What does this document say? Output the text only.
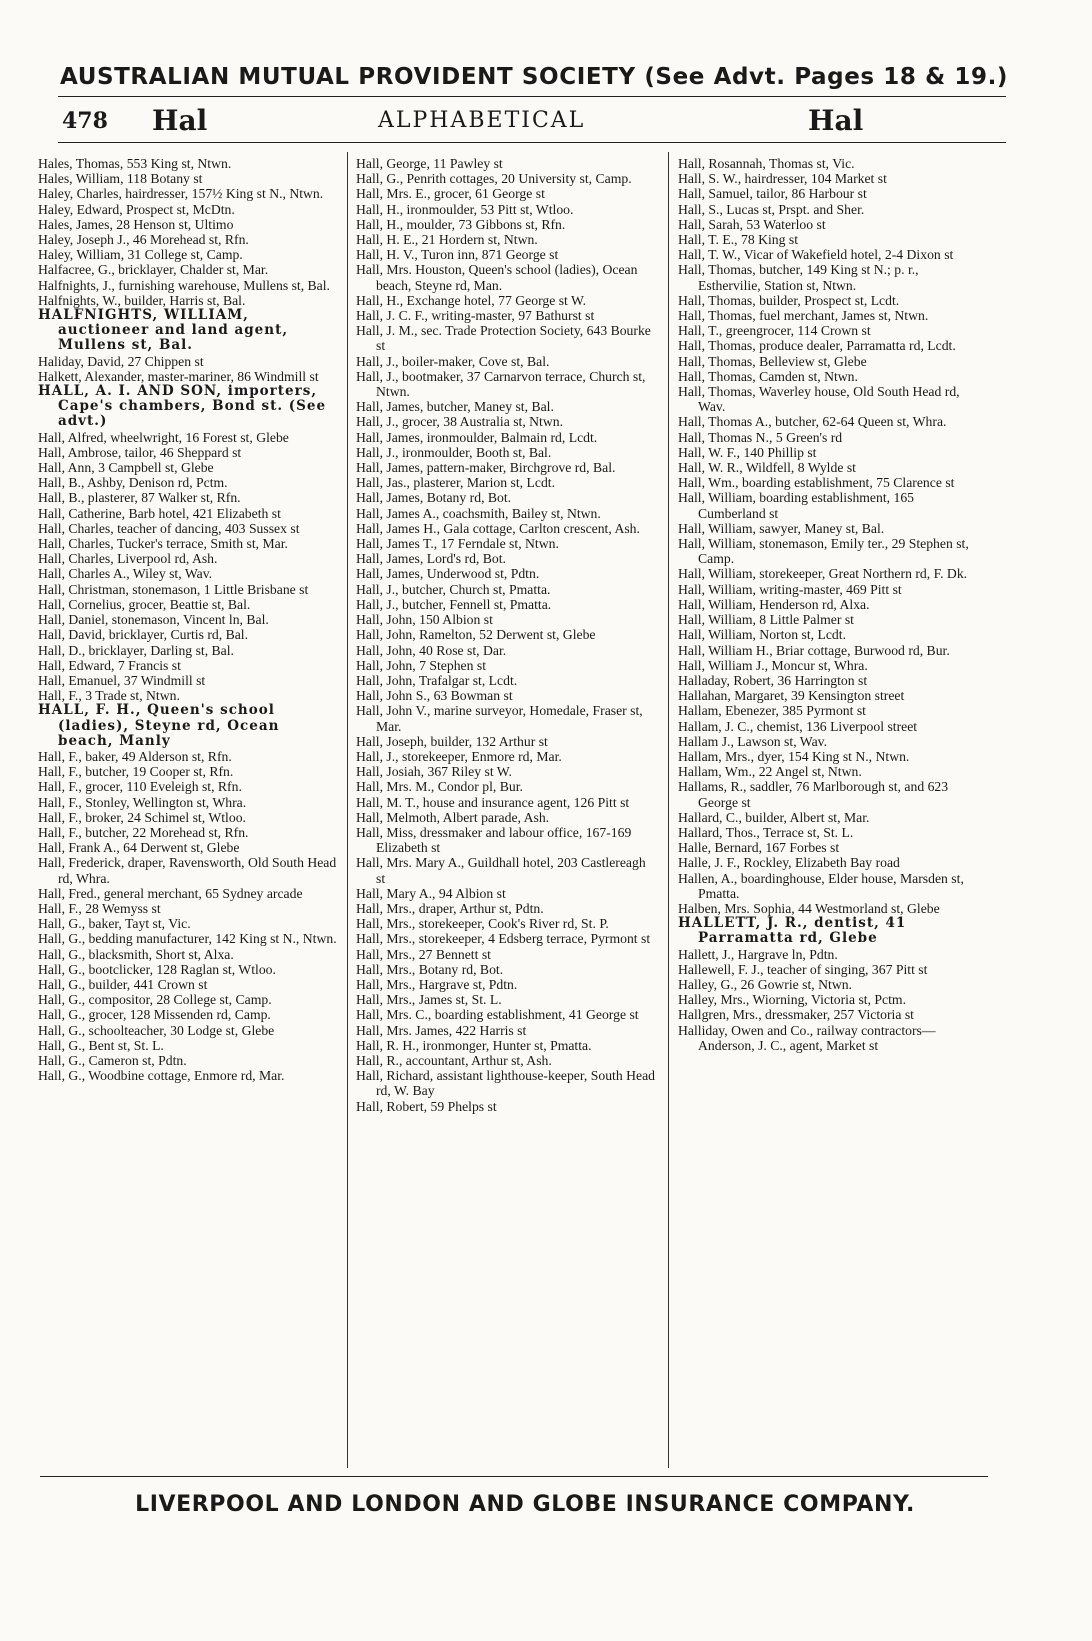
AUSTRALIAN MUTUAL PROVIDENT SOCIETY (See Advt. Pages 18 & 19.)
478 Hal	ALPHABETICAL	Hal

Hales, Thomas, 553 King st, Ntwn.

Hales, William, 118 Botany st

Haley, Charles, hairdresser, 157½ King st N., Ntwn.

Haley, Edward, Prospect st, McDtn.

Hales, James, 28 Henson st, Ultimo

Haley, Joseph J., 46 Morehead st, Rfn.

Haley, William, 31 College st, Camp.

Halfacree, G., bricklayer, Chalder st, Mar.

Halfnights, J., furnishing warehouse, Mullens st, Bal.

Halfnights, W., builder, Harris st, Bal.

HALFNIGHTS, WILLIAM, auctioneer and land agent, Mullens st, Bal.

Haliday, David, 27 Chippen st

Halkett, Alexander, master-mariner, 86 Windmill st

HALL, A. I. AND SON, importers, Cape's chambers, Bond st. (See advt.)

Hall, Alfred, wheelwright, 16 Forest st, Glebe

Hall, Ambrose, tailor, 46 Sheppard st

Hall, Ann, 3 Campbell st, Glebe

Hall, B., Ashby, Denison rd, Pctm.

Hall, B., plasterer, 87 Walker st, Rfn.

Hall, Catherine, Barb hotel, 421 Elizabeth st

Hall, Charles, teacher of dancing, 403 Sussex st

Hall, Charles, Tucker's terrace, Smith st, Mar.

Hall, Charles, Liverpool rd, Ash.

Hall, Charles A., Wiley st, Wav.

Hall, Christman, stonemason, 1 Little Brisbane st

Hall, Cornelius, grocer, Beattie st, Bal.

Hall, Daniel, stonemason, Vincent ln, Bal.

Hall, David, bricklayer, Curtis rd, Bal.

Hall, D., bricklayer, Darling st, Bal.

Hall, Edward, 7 Francis st

Hall, Emanuel, 37 Windmill st

Hall, F., 3 Trade st, Ntwn.

HALL, F. H., Queen's school (ladies), Steyne rd, Ocean beach, Manly

Hall, F., baker, 49 Alderson st, Rfn.

Hall, F., butcher, 19 Cooper st, Rfn.

Hall, F., grocer, 110 Eveleigh st, Rfn.

Hall, F., Stonley, Wellington st, Whra.

Hall, F., broker, 24 Schimel st, Wtloo.

Hall, F., butcher, 22 Morehead st, Rfn.

Hall, Frank A., 64 Derwent st, Glebe

Hall, Frederick, draper, Ravensworth, Old South Head rd, Whra.

Hall, Fred., general merchant, 65 Sydney arcade

Hall, F., 28 Wemyss st

Hall, G., baker, Tayt st, Vic.

Hall, G., bedding manufacturer, 142 King st N., Ntwn.

Hall, G., blacksmith, Short st, Alxa.

Hall, G., bootclicker, 128 Raglan st, Wtloo.

Hall, G., builder, 441 Crown st

Hall, G., compositor, 28 College st, Camp.

Hall, G., grocer, 128 Missenden rd, Camp.

Hall, G., schoolteacher, 30 Lodge st, Glebe

Hall, G., Bent st, St. L.

Hall, G., Cameron st, Pdtn.

Hall, G., Woodbine cottage, Enmore rd, Mar.

Hall, George, 11 Pawley st

Hall, G., Penrith cottages, 20 University st, Camp.

Hall, Mrs. E., grocer, 61 George st

Hall, H., ironmoulder, 53 Pitt st, Wtloo.

Hall, H., moulder, 73 Gibbons st, Rfn.

Hall, H. E., 21 Hordern st, Ntwn.

Hall, H. V., Turon inn, 871 George st

Hall, Mrs. Houston, Queen's school (ladies), Ocean beach, Steyne rd, Man.

Hall, H., Exchange hotel, 77 George st W.

Hall, J. C. F., writing-master, 97 Bathurst st

Hall, J. M., sec. Trade Protection Society, 643 Bourke st

Hall, J., boiler-maker, Cove st, Bal.

Hall, J., bootmaker, 37 Carnarvon terrace, Church st, Ntwn.

Hall, James, butcher, Maney st, Bal.

Hall, J., grocer, 38 Australia st, Ntwn.

Hall, James, ironmoulder, Balmain rd, Lcdt.

Hall, J., ironmoulder, Booth st, Bal.

Hall, James, pattern-maker, Birchgrove rd, Bal.

Hall, Jas., plasterer, Marion st, Lcdt.

Hall, James, Botany rd, Bot.

Hall, James A., coachsmith, Bailey st, Ntwn.

Hall, James H., Gala cottage, Carlton crescent, Ash.

Hall, James T., 17 Ferndale st, Ntwn.

Hall, James, Lord's rd, Bot.

Hall, James, Underwood st, Pdtn.

Hall, J., butcher, Church st, Pmatta.

Hall, J., butcher, Fennell st, Pmatta.

Hall, John, 150 Albion st

Hall, John, Ramelton, 52 Derwent st, Glebe

Hall, John, 40 Rose st, Dar.

Hall, John, 7 Stephen st

Hall, John, Trafalgar st, Lcdt.

Hall, John S., 63 Bowman st

Hall, John V., marine surveyor, Homedale, Fraser st, Mar.

Hall, Joseph, builder, 132 Arthur st

Hall, J., storekeeper, Enmore rd, Mar.

Hall, Josiah, 367 Riley st W.

Hall, Mrs. M., Condor pl, Bur.

Hall, M. T., house and insurance agent, 126 Pitt st

Hall, Melmoth, Albert parade, Ash.

Hall, Miss, dressmaker and labour office, 167-169 Elizabeth st

Hall, Mrs. Mary A., Guildhall hotel, 203 Castlereagh st

Hall, Mary A., 94 Albion st

Hall, Mrs., draper, Arthur st, Pdtn.

Hall, Mrs., storekeeper, Cook's River rd, St. P.

Hall, Mrs., storekeeper, 4 Edsberg terrace, Pyrmont st

Hall, Mrs., 27 Bennett st

Hall, Mrs., Botany rd, Bot.

Hall, Mrs., Hargrave st, Pdtn.

Hall, Mrs., James st, St. L.

Hall, Mrs. C., boarding establishment, 41 George st

Hall, Mrs. James, 422 Harris st

Hall, R. H., ironmonger, Hunter st, Pmatta.

Hall, R., accountant, Arthur st, Ash.

Hall, Richard, assistant lighthouse-keeper, South Head rd, W. Bay

Hall, Robert, 59 Phelps st

Hall, Rosannah, Thomas st, Vic.

Hall, S. W., hairdresser, 104 Market st

Hall, Samuel, tailor, 86 Harbour st

Hall, S., Lucas st, Prspt. and Sher.

Hall, Sarah, 53 Waterloo st

Hall, T. E., 78 King st

Hall, T. W., Vicar of Wakefield hotel, 2-4 Dixon st

Hall, Thomas, butcher, 149 King st N.; p. r., Esthervilie, Station st, Ntwn.

Hall, Thomas, builder, Prospect st, Lcdt.

Hall, Thomas, fuel merchant, James st, Ntwn.

Hall, T., greengrocer, 114 Crown st

Hall, Thomas, produce dealer, Parramatta rd, Lcdt.

Hall, Thomas, Belleview st, Glebe

Hall, Thomas, Camden st, Ntwn.

Hall, Thomas, Waverley house, Old South Head rd, Wav.

Hall, Thomas A., butcher, 62-64 Queen st, Whra.

Hall, Thomas N., 5 Green's rd

Hall, W. F., 140 Phillip st

Hall, W. R., Wildfell, 8 Wylde st

Hall, Wm., boarding establishment, 75 Clarence st

Hall, William, boarding establishment, 165 Cumberland st

Hall, William, sawyer, Maney st, Bal.

Hall, William, stonemason, Emily ter., 29 Stephen st, Camp.

Hall, William, storekeeper, Great Northern rd, F. Dk.

Hall, William, writing-master, 469 Pitt st

Hall, William, Henderson rd, Alxa.

Hall, William, 8 Little Palmer st

Hall, William, Norton st, Lcdt.

Hall, William H., Briar cottage, Burwood rd, Bur.

Hall, William J., Moncur st, Whra.

Halladay, Robert, 36 Harrington st

Hallahan, Margaret, 39 Kensington street

Hallam, Ebenezer, 385 Pyrmont st

Hallam, J. C., chemist, 136 Liverpool street

Hallam J., Lawson st, Wav.

Hallam, Mrs., dyer, 154 King st N., Ntwn.

Hallam, Wm., 22 Angel st, Ntwn.

Hallams, R., saddler, 76 Marlborough st, and 623 George st

Hallard, C., builder, Albert st, Mar.

Hallard, Thos., Terrace st, St. L.

Halle, Bernard, 167 Forbes st

Halle, J. F., Rockley, Elizabeth Bay road

Hallen, A., boardinghouse, Elder house, Marsden st, Pmatta.

Halben, Mrs. Sophia, 44 Westmorland st, Glebe

HALLETT, J. R., dentist, 41 Parramatta rd, Glebe

Hallett, J., Hargrave ln, Pdtn.

Hallewell, F. J., teacher of singing, 367 Pitt st

Halley, G., 26 Gowrie st, Ntwn.

Halley, Mrs., Wiorning, Victoria st, Pctm.

Hallgren, Mrs., dressmaker, 257 Victoria st

Halliday, Owen and Co., railway contractors—Anderson, J. C., agent, Market st

LIVERPOOL AND LONDON AND GLOBE INSURANCE COMPANY.
